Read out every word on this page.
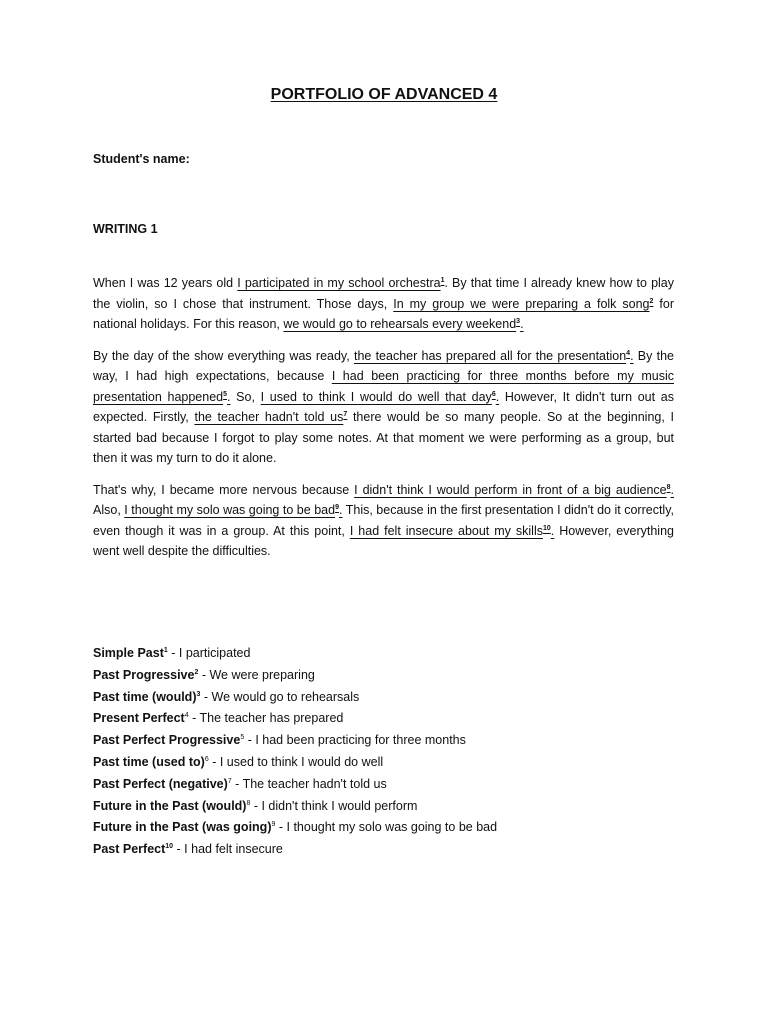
PORTFOLIO OF ADVANCED 4
Student's name:
WRITING 1

When I was 12 years old I participated in my school orchestra$^1$. By that time I already knew how to play the violin, so I chose that instrument. Those days, In my group we were preparing a folk song$^2$ for national holidays. For this reason, we would go to rehearsals every weekend$^3$.

By the day of the show everything was ready, the teacher has prepared all for the presentation$^4$. By the way, I had high expectations, because I had been practicing for three months before my music presentation happened$^5$. So, I used to think I would do well that day$^6$. However, It didn't turn out as expected. Firstly, the teacher hadn't told $us^7$ there would be so many people. So at the beginning, I started bad because I forgot to play some notes. At that moment we were performing as a group, but then it was my turn to do it alone.

That's why, I became more nervous because I didn't think I would perform in front of a big audience$^8$. Also, I thought my solo was going to be bad$^9$. This, because in the first presentation I didn't do it correctly, even though it was in a group. At this point, I had felt insecure about my skills$^{10}$. However, everything went well despite the difficulties.

Simple Past$^1$ - I participated
Past Progressive$^2$ - We were preparing
Past time (would)$^3$ - We would go to rehearsals
Present Perfect$^4$ - The teacher has prepared
Past Perfect Progressive$^5$ - I had been practicing for three months
Past time (used to)$^6$ - I used to think I would do well
Past Perfect (negative)$^7$ - The teacher hadn't told us
Future in the Past (would)$^8$ - I didn't think I would perform
Future in the Past (was going)$^9$ - I thought my solo was going to be bad
Past Perfect$^{10}$ - I had felt insecure
